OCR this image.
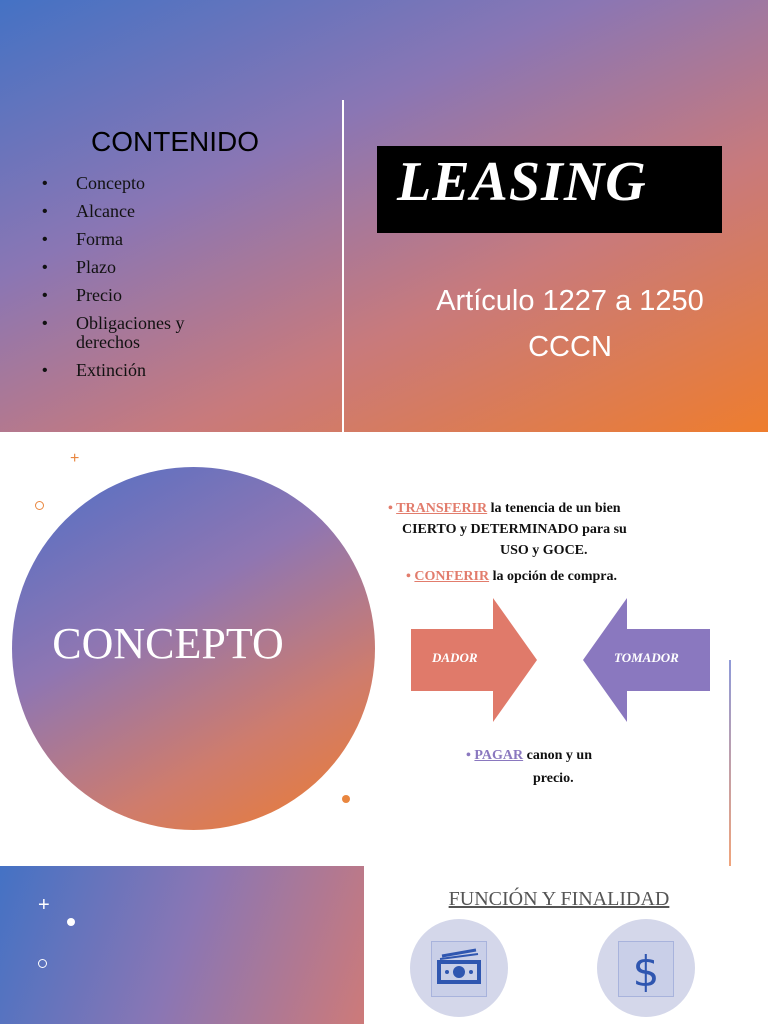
CONTENIDO
• Concepto
• Alcance
• Forma
• Plazo
• Precio
• Obligaciones y derechos
• Extinción
LEASING
Artículo 1227 a 1250
CCCN
+
CONCEPTO
• TRANSFERIR la tenencia de un bien
CIERTO y DETERMINADO para su
USO y GOCE.
• CONFERIR la opción de compra.
DADOR	TOMADOR
• PAGAR canon y un
precio.
+	FUNCIÓN Y FINALIDAD
$
